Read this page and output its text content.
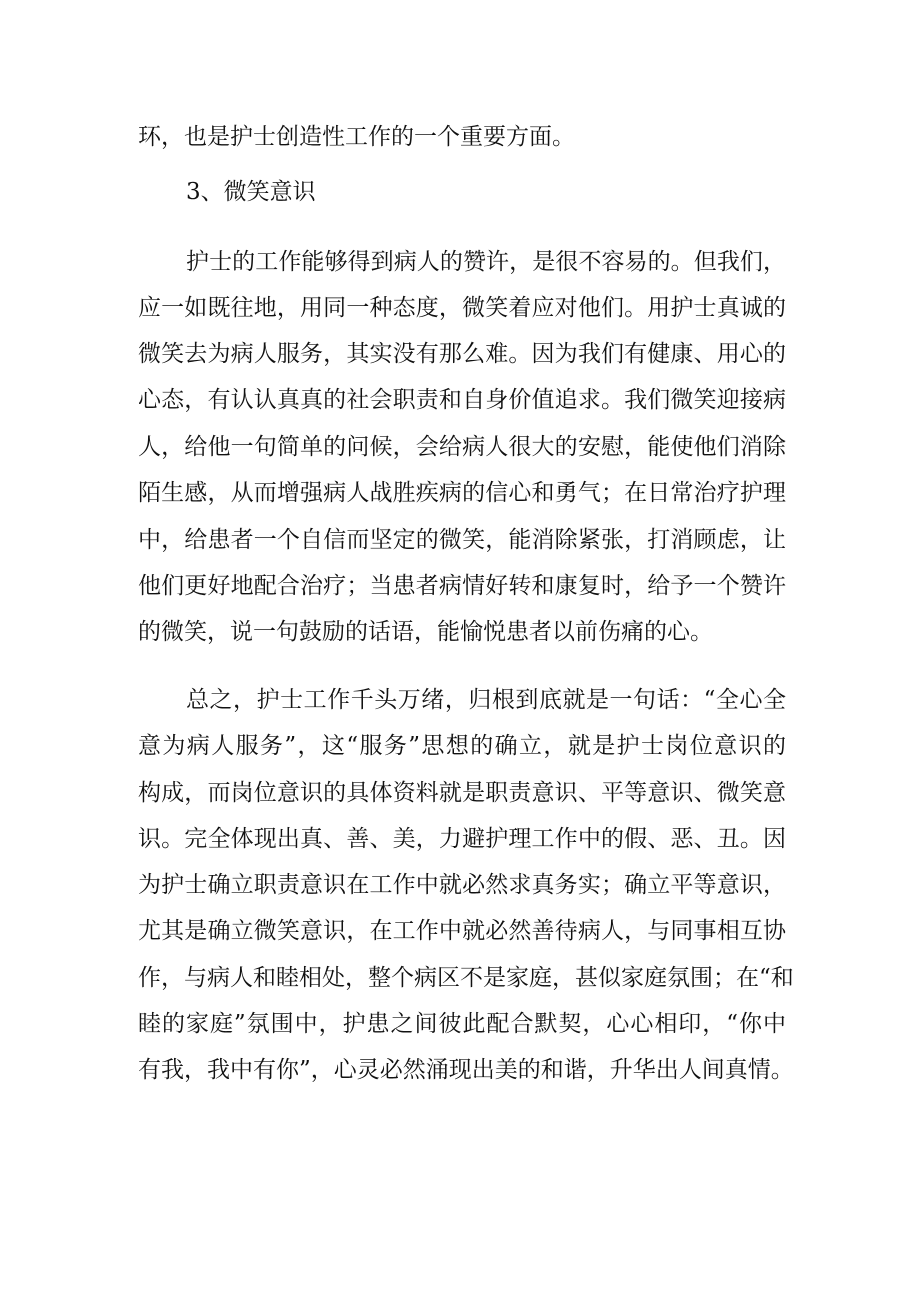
环，也是护士创造性工作的一个重要方面。
3、微笑意识
护士的工作能够得到病人的赞许，是很不容易的。但我们，
应一如既往地，用同一种态度，微笑着应对他们。用护士真诚的
微笑去为病人服务，其实没有那么难。因为我们有健康、用心的
心态，有认认真真的社会职责和自身价值追求。我们微笑迎接病
人，给他一句简单的问候，会给病人很大的安慰，能使他们消除
陌生感，从而增强病人战胜疾病的信心和勇气；在日常治疗护理
中，给患者一个自信而坚定的微笑，能消除紧张，打消顾虑，让
他们更好地配合治疗；当患者病情好转和康复时，给予一个赞许
的微笑，说一句鼓励的话语，能愉悦患者以前伤痛的心。
总之，护士工作千头万绪，归根到底就是一句话：“全心全
意为病人服务”，这“服务”思想的确立，就是护士岗位意识的
构成，而岗位意识的具体资料就是职责意识、平等意识、微笑意
识。完全体现出真、善、美，力避护理工作中的假、恶、丑。因
为护士确立职责意识在工作中就必然求真务实；确立平等意识，
尤其是确立微笑意识，在工作中就必然善待病人，与同事相互协
作，与病人和睦相处，整个病区不是家庭，甚似家庭氛围；在“和
睦的家庭”氛围中，护患之间彼此配合默契，心心相印，“你中
有我，我中有你”，心灵必然涌现出美的和谐，升华出人间真情。
